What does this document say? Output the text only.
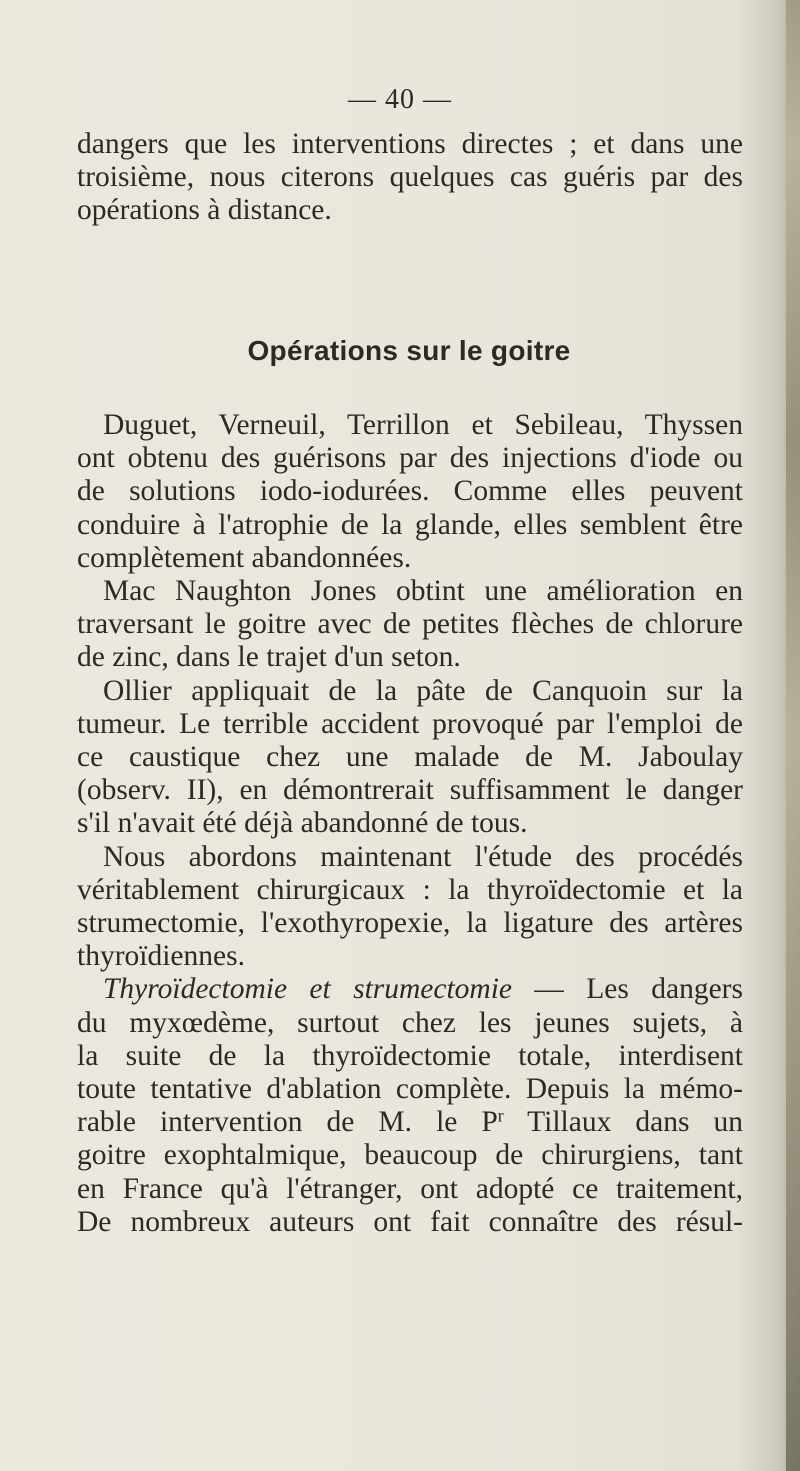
— 40 —
dangers que les interventions directes ; et dans une
troisième, nous citerons quelques cas guéris par des
opérations à distance.
Opérations sur le goitre
Duguet, Verneuil, Terrillon et Sebileau, Thyssen
ont obtenu des guérisons par des injections d'iode ou
de solutions iodo-iodurées. Comme elles peuvent
conduire à l'atrophie de la glande, elles semblent être
complètement abandonnées.
Mac Naughton Jones obtint une amélioration en
traversant le goitre avec de petites flèches de chlorure
de zinc, dans le trajet d'un seton.
Ollier appliquait de la pâte de Canquoin sur la
tumeur. Le terrible accident provoqué par l'emploi de
ce caustique chez une malade de M. Jaboulay
(observ. II), en démontrerait suffisamment le danger
s'il n'avait été déjà abandonné de tous.
Nous abordons maintenant l'étude des procédés
véritablement chirurgicaux : la thyroïdectomie et la
strumectomie, l'exothyropexie, la ligature des artères
thyroïdiennes.
Thyroïdectomie et strumectomie — Les dangers
du myxœdème, surtout chez les jeunes sujets, à
la suite de la thyroïdectomie totale, interdisent
toute tentative d'ablation complète. Depuis la mémo-
rable intervention de M. le $P^r$ Tillaux dans un
goitre exophtalmique, beaucoup de chirurgiens, tant
en France qu'à l'étranger, ont adopté ce traitement,
De nombreux auteurs ont fait connaître des résul-
